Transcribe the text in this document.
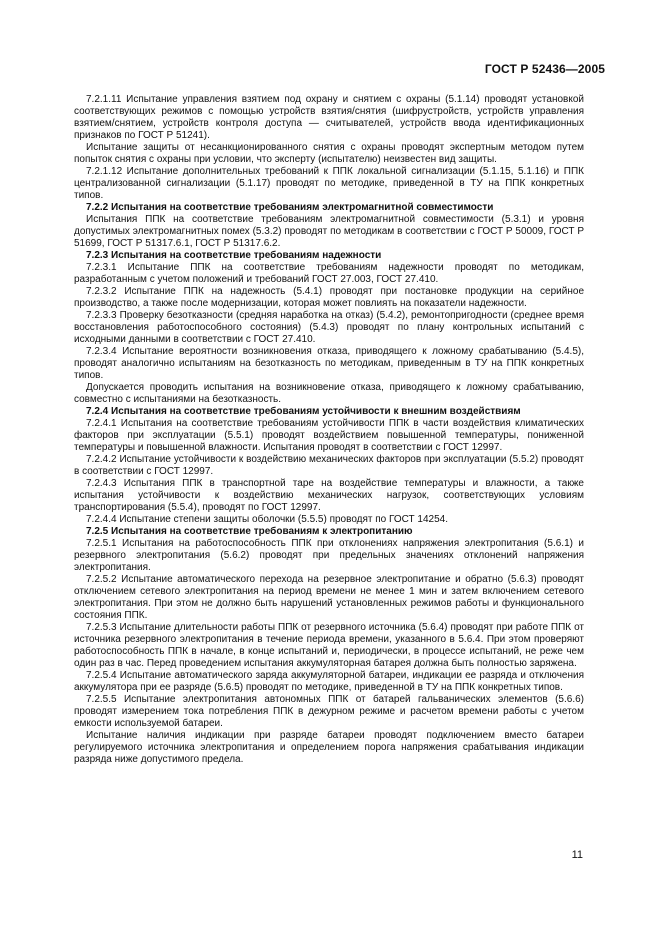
ГОСТ Р 52436—2005

7.2.1.11 Испытание управления взятием под охрану и снятием с охраны (5.1.14) проводят установкой соответствующих режимов с помощью устройств взятия/снятия (шифрустройств, устройств управления взятием/снятием, устройств контроля доступа — считывателей, устройств ввода идентификационных признаков по ГОСТ Р 51241).

Испытание защиты от несанкционированного снятия с охраны проводят экспертным методом путем попыток снятия с охраны при условии, что эксперту (испытателю) неизвестен вид защиты.

7.2.1.12 Испытание дополнительных требований к ППК локальной сигнализации (5.1.15, 5.1.16) и ППК централизованной сигнализации (5.1.17) проводят по методике, приведенной в ТУ на ППК конкретных типов.

7.2.2 Испытания на соответствие требованиям электромагнитной совместимости

Испытания ППК на соответствие требованиям электромагнитной совместимости (5.3.1) и уровня допустимых электромагнитных помех (5.3.2) проводят по методикам в соответствии с ГОСТ Р 50009, ГОСТ Р 51699, ГОСТ Р 51317.6.1, ГОСТ Р 51317.6.2.

7.2.3 Испытания на соответствие требованиям надежности

7.2.3.1 Испытание ППК на соответствие требованиям надежности проводят по методикам, разработанным с учетом положений и требований ГОСТ 27.003, ГОСТ 27.410.

7.2.3.2 Испытание ППК на надежность (5.4.1) проводят при постановке продукции на серийное производство, а также после модернизации, которая может повлиять на показатели надежности.

7.2.3.3 Проверку безотказности (средняя наработка на отказ) (5.4.2), ремонтопригодности (среднее время восстановления работоспособного состояния) (5.4.3) проводят по плану контрольных испытаний с исходными данными в соответствии с ГОСТ 27.410.

7.2.3.4 Испытание вероятности возникновения отказа, приводящего к ложному срабатыванию (5.4.5), проводят аналогично испытаниям на безотказность по методикам, приведенным в ТУ на ППК конкретных типов.

Допускается проводить испытания на возникновение отказа, приводящего к ложному срабатыванию, совместно с испытаниями на безотказность.

7.2.4 Испытания на соответствие требованиям устойчивости к внешним воздействиям

7.2.4.1 Испытания на соответствие требованиям устойчивости ППК в части воздействия климатических факторов при эксплуатации (5.5.1) проводят воздействием повышенной температуры, пониженной температуры и повышенной влажности. Испытания проводят в соответствии с ГОСТ 12997.

7.2.4.2 Испытание устойчивости к воздействию механических факторов при эксплуатации (5.5.2) проводят в соответствии с ГОСТ 12997.

7.2.4.3 Испытания ППК в транспортной таре на воздействие температуры и влажности, а также испытания устойчивости к воздействию механических нагрузок, соответствующих условиям транспортирования (5.5.4), проводят по ГОСТ 12997.

7.2.4.4 Испытание степени защиты оболочки (5.5.5) проводят по ГОСТ 14254.

7.2.5 Испытания на соответствие требованиям к электропитанию

7.2.5.1 Испытания на работоспособность ППК при отклонениях напряжения электропитания (5.6.1) и резервного электропитания (5.6.2) проводят при предельных значениях отклонений напряжения электропитания.

7.2.5.2 Испытание автоматического перехода на резервное электропитание и обратно (5.6.3) проводят отключением сетевого электропитания на период времени не менее 1 мин и затем включением сетевого электропитания. При этом не должно быть нарушений установленных режимов работы и функционального состояния ППК.

7.2.5.3 Испытание длительности работы ППК от резервного источника (5.6.4) проводят при работе ППК от источника резервного электропитания в течение периода времени, указанного в 5.6.4. При этом проверяют работоспособность ППК в начале, в конце испытаний и, периодически, в процессе испытаний, не реже чем один раз в час. Перед проведением испытания аккумуляторная батарея должна быть полностью заряжена.

7.2.5.4 Испытание автоматического заряда аккумуляторной батареи, индикации ее разряда и отключения аккумулятора при ее разряде (5.6.5) проводят по методике, приведенной в ТУ на ППК конкретных типов.

7.2.5.5 Испытание электропитания автономных ППК от батарей гальванических элементов (5.6.6) проводят измерением тока потребления ППК в дежурном режиме и расчетом времени работы с учетом емкости используемой батареи.

Испытание наличия индикации при разряде батареи проводят подключением вместо батареи регулируемого источника электропитания и определением порога напряжения срабатывания индикации разряда ниже допустимого предела.

11
